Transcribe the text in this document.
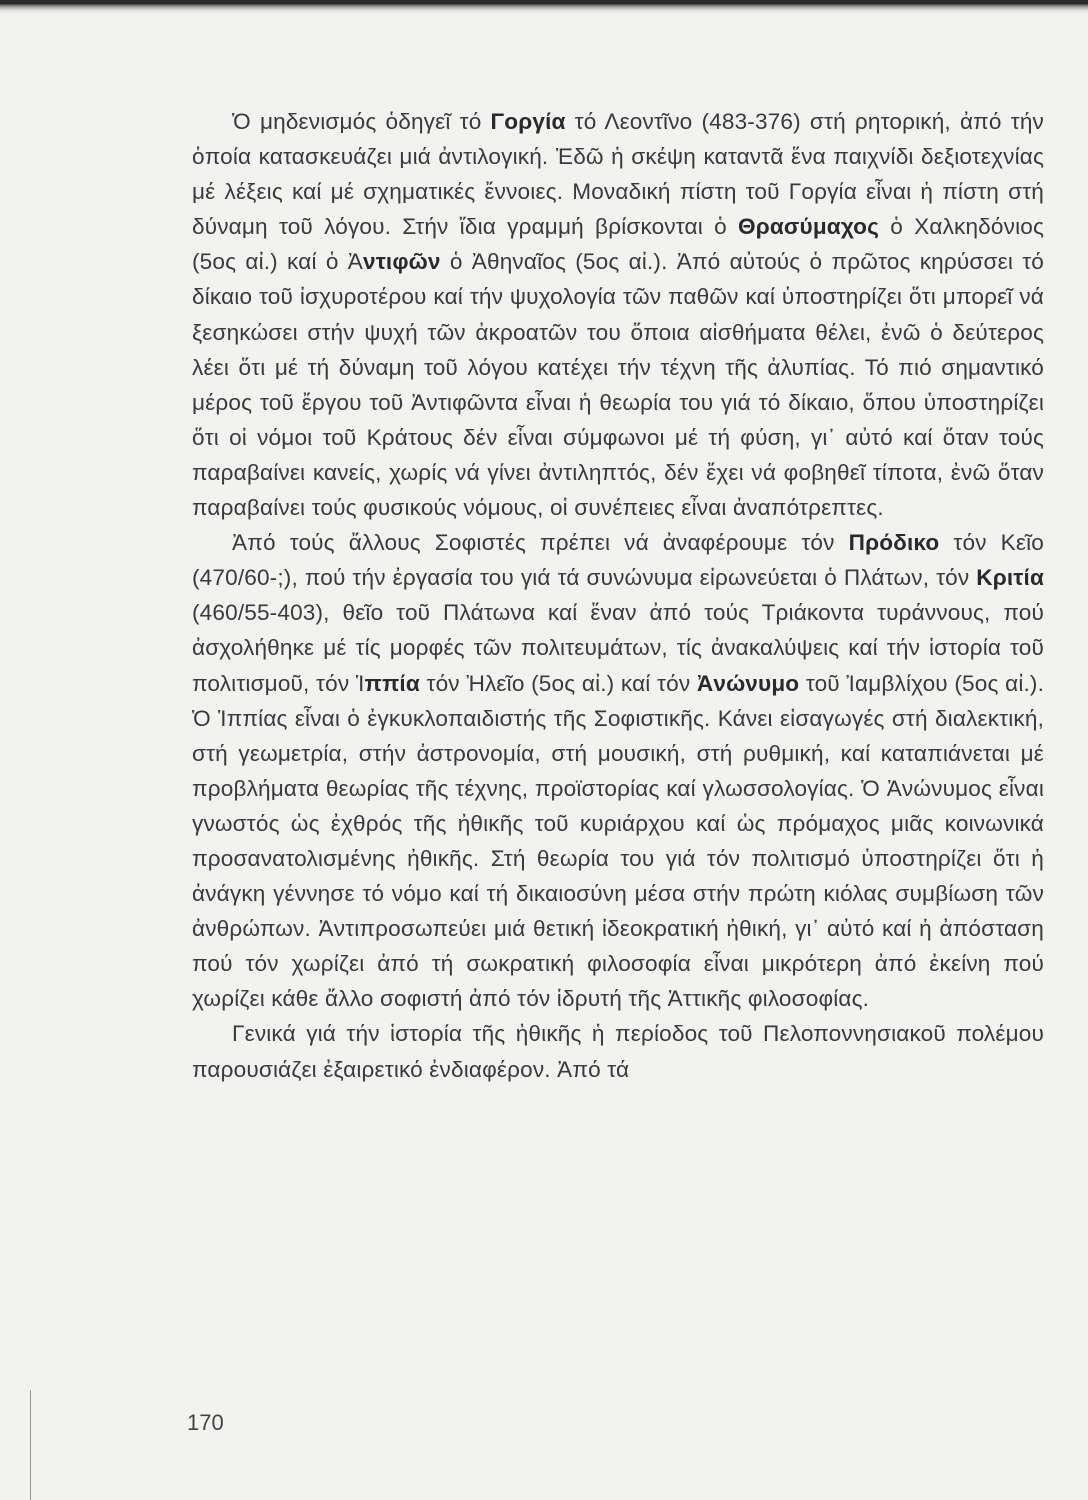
Ὁ μηδενισμός ὁδηγεῖ τό Γοργία τό Λεοντῖνο (483-376) στή ρητορική, ἀπό τήν ὁποία κατασκευάζει μιά ἀντιλογική. Ἐδῶ ἡ σκέψη καταντᾶ ἕνα παιχνίδι δεξιοτεχνίας μέ λέξεις καί μέ σχηματικές ἔννοιες. Μοναδική πίστη τοῦ Γοργία εἶναι ἡ πίστη στή δύναμη τοῦ λόγου. Στήν ἴδια γραμμή βρίσκονται ὁ Θρασύμαχος ὁ Χαλκηδόνιος (5ος αἰ.) καί ὁ Ἀντιφῶν ὁ Ἀθηναῖος (5ος αἰ.). Ἀπό αὐτούς ὁ πρῶτος κηρύσσει τό δίκαιο τοῦ ἰσχυροτέρου καί τήν ψυχολογία τῶν παθῶν καί ὑποστηρίζει ὅτι μπορεῖ νά ξεσηκώσει στήν ψυχή τῶν ἀκροατῶν του ὅποια αἰσθήματα θέλει, ἐνῶ ὁ δεύτερος λέει ὅτι μέ τή δύναμη τοῦ λόγου κατέχει τήν τέχνη τῆς ἀλυπίας. Τό πιό σημαντικό μέρος τοῦ ἔργου τοῦ Ἀντιφῶντα εἶναι ἡ θεωρία του γιά τό δίκαιο, ὅπου ὑποστηρίζει ὅτι οἱ νόμοι τοῦ Κράτους δέν εἶναι σύμφωνοι μέ τή φύση, γι᾽ αὐτό καί ὅταν τούς παραβαίνει κανείς, χωρίς νά γίνει ἀντιληπτός, δέν ἔχει νά φοβηθεῖ τίποτα, ἐνῶ ὅταν παραβαίνει τούς φυσικούς νόμους, οἱ συνέπειες εἶναι ἀναπότρεπτες.

Ἀπό τούς ἄλλους Σοφιστές πρέπει νά ἀναφέρουμε τόν Πρόδικο τόν Κεῖο (470/60-;), πού τήν ἐργασία του γιά τά συνώνυμα εἰρωνεύεται ὁ Πλάτων, τόν Κριτία (460/55-403), θεῖο τοῦ Πλάτωνα καί ἕναν ἀπό τούς Τριάκοντα τυράννους, πού ἀσχολήθηκε μέ τίς μορφές τῶν πολιτευμάτων, τίς ἀνακαλύψεις καί τήν ἱστορία τοῦ πολιτισμοῦ, τόν Ἱππία τόν Ἠλεῖο (5ος αἰ.) καί τόν Ἀνώνυμο τοῦ Ἰαμβλίχου (5ος αἰ.). Ὁ Ἱππίας εἶναι ὁ ἐγκυκλοπαιδιστής τῆς Σοφιστικῆς. Κάνει εἰσαγωγές στή διαλεκτική, στή γεωμετρία, στήν ἀστρονομία, στή μουσική, στή ρυθμική, καί καταπιάνεται μέ προβλήματα θεωρίας τῆς τέχνης, προϊστορίας καί γλωσσολογίας. Ὁ Ἀνώνυμος εἶναι γνωστός ὡς ἐχθρός τῆς ἠθικῆς τοῦ κυριάρχου καί ὡς πρόμαχος μιᾶς κοινωνικά προσανατολισμένης ἠθικῆς. Στή θεωρία του γιά τόν πολιτισμό ὑποστηρίζει ὅτι ἡ ἀνάγκη γέννησε τό νόμο καί τή δικαιοσύνη μέσα στήν πρώτη κιόλας συμβίωση τῶν ἀνθρώπων. Ἀντιπροσωπεύει μιά θετική ἰδεοκρατική ἠθική, γι᾽ αὐτό καί ἡ ἀπόσταση πού τόν χωρίζει ἀπό τή σωκρατική φιλοσοφία εἶναι μικρότερη ἀπό ἐκείνη πού χωρίζει κάθε ἄλλο σοφιστή ἀπό τόν ἱδρυτή τῆς Ἀττικῆς φιλοσοφίας.

Γενικά γιά τήν ἱστορία τῆς ἠθικῆς ἡ περίοδος τοῦ Πελοποννησιακοῦ πολέμου παρουσιάζει ἐξαιρετικό ἐνδιαφέρον. Ἀπό τά

170
